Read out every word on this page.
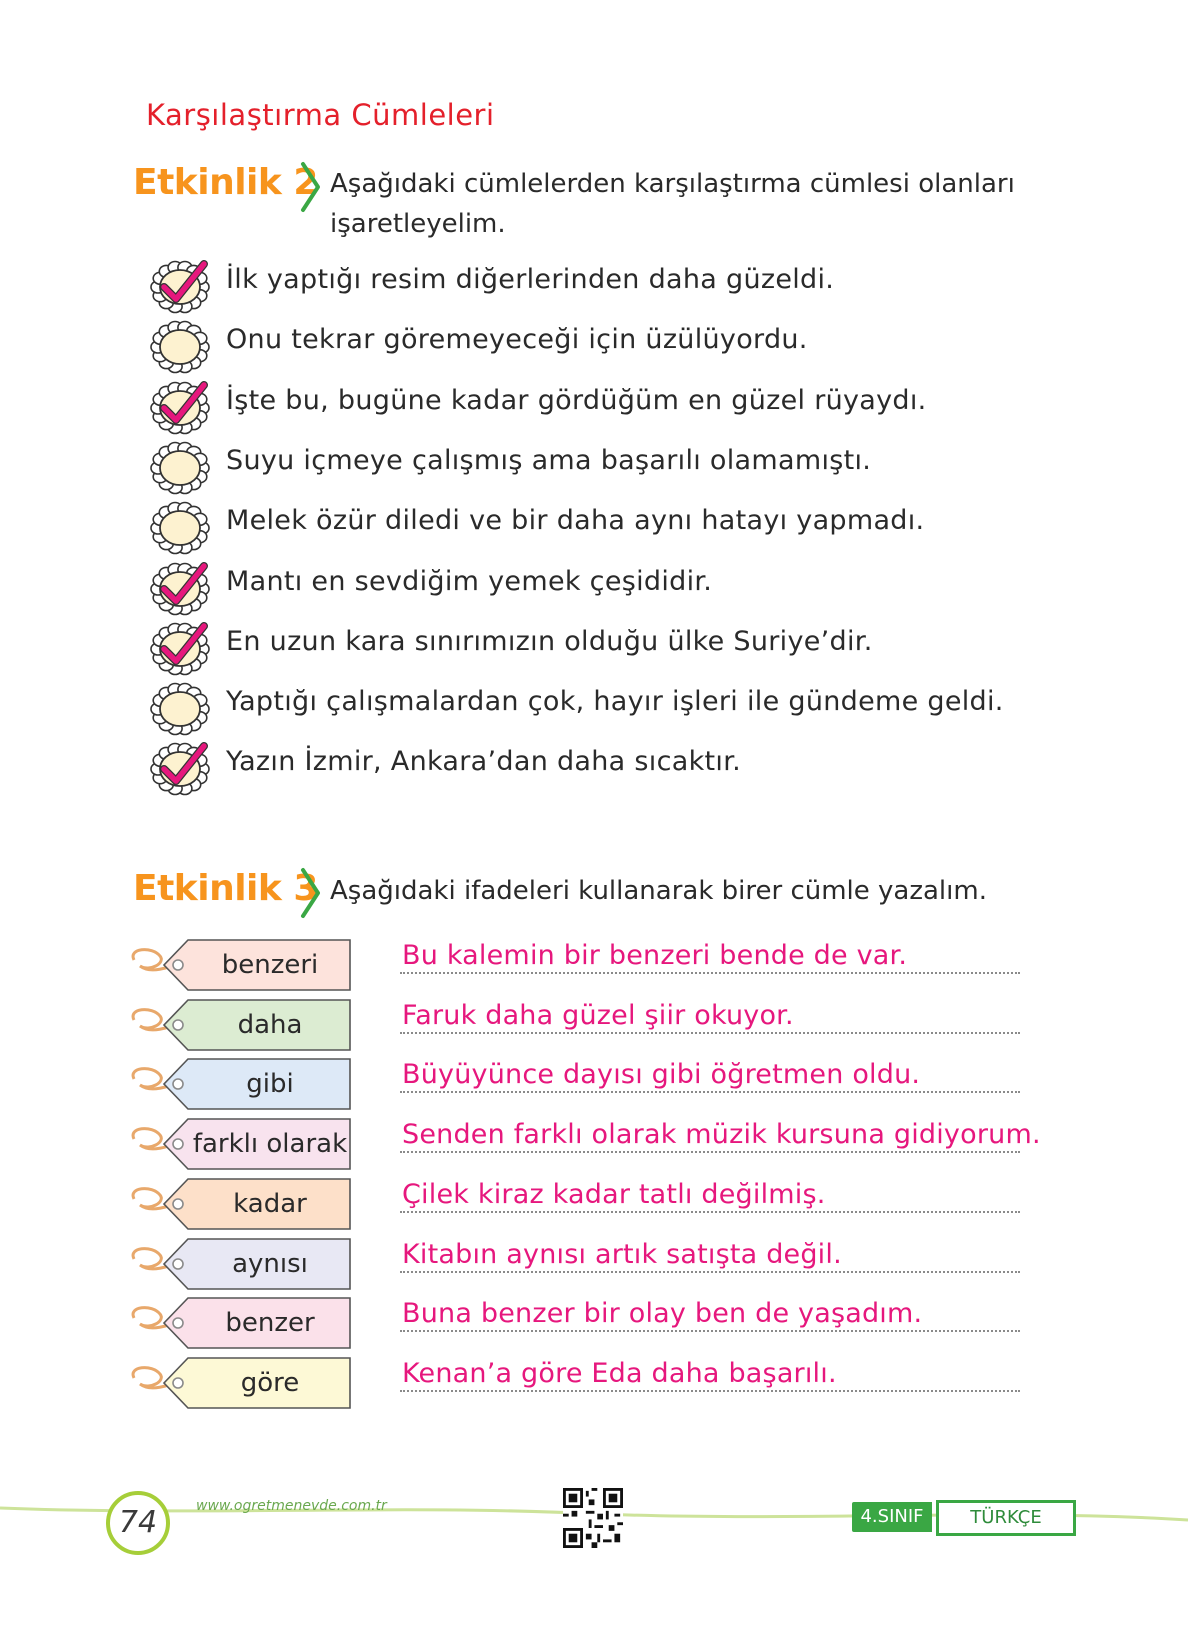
Karşılaştırma Cümleleri
Etkinlik 2 Aşağıdaki cümlelerden karşılaştırma cümlesi olanları
işaretleyelim.
İlk yaptığı resim diğerlerinden daha güzeldi.
Onu tekrar göremeyeceği için üzülüyordu.
İşte bu, bugüne kadar gördüğüm en güzel rüyaydı.
Suyu içmeye çalışmış ama başarılı olamamıştı.
Melek özür diledi ve bir daha aynı hatayı yapmadı.
Mantı en sevdiğim yemek çeşididir.
En uzun kara sınırımızın olduğu ülke Suriye’dir.
Yaptığı çalışmalardan çok, hayır işleri ile gündeme geldi.
Yazın İzmir, Ankara’dan daha sıcaktır.
Etkinlik 3 Aşağıdaki ifadeleri kullanarak birer cümle yazalım.
benzeri	Bu kalemin bir benzeri bende de var.
daha	Faruk daha güzel şiir okuyor.
gibi	Büyüyünce dayısı gibi öğretmen oldu.
farklı olarak	Senden farklı olarak müzik kursuna gidiyorum.
kadar	Çilek kiraz kadar tatlı değilmiş.
aynısı	Kitabın aynısı artık satışta değil.
benzer	Buna benzer bir olay ben de yaşadım.
göre	Kenan’a göre Eda daha başarılı.
74	www.ogretmenevde.com.tr	4.SINIF	TÜRKÇE
